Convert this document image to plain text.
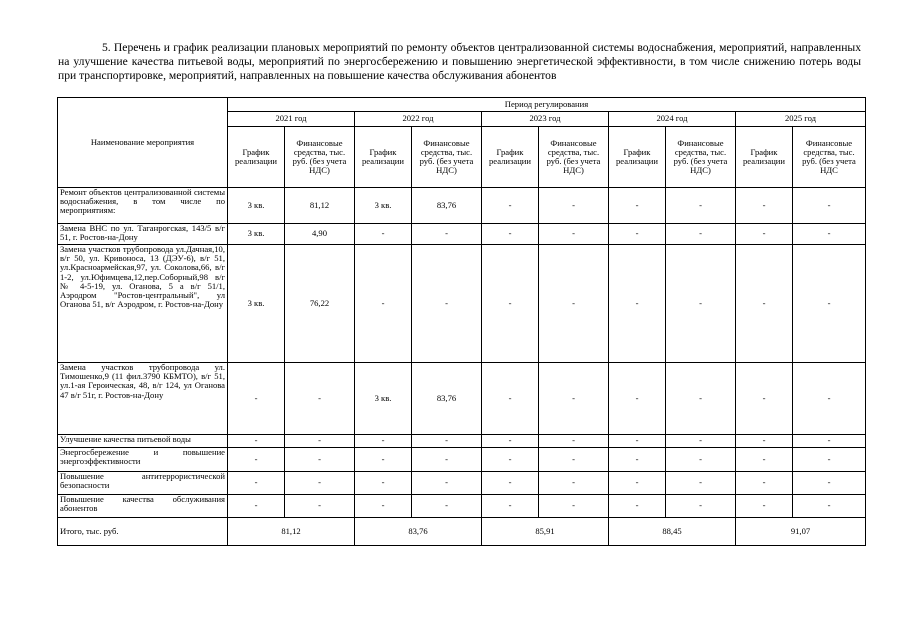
5. Перечень и график реализации плановых мероприятий по ремонту объектов централизованной системы водоснабжения, мероприятий, направленных на улучшение качества питьевой воды, мероприятий по энергосбережению и повышению энергетической эффективности, в том числе снижению потерь воды при транспортировке, мероприятий, направленных на повышение качества обслуживания абонентов
Наименование мероприятия	Период регулирования									
	2021 год		2022 год		2023 год		2024 год		2025 год	
	График реализации	Финансовые средства, тыс. руб. (без учета НДС)	График реализации	Финансовые средства, тыс. руб. (без учета НДС)	График реализации	Финансовые средства, тыс. руб. (без учета НДС)	График реализации	Финансовые средства, тыс. руб. (без учета НДС)	График реализации	Финансовые средства, тыс. руб. (без учета НДС
Ремонт объектов централизованной системы водоснабжения, в том числе по мероприятиям:	3 кв.	81,12	3 кв.	83,76	-	-	-	-	-	-
Замена ВНС по ул. Таганрогская, 143/5 в/г 51, г. Ростов-на-Дону	3 кв.	4,90	-	-	-	-	-	-	-	-
Замена участков трубопровода ул.Дачная,10, в/г 50, ул. Кривоноса, 13 (ДЭУ-6), в/г 51, ул.Красноармейская,97, ул. Соколова,66, в/г 1-2, ул.Юфимцева,12,пер.Соборный,98 в/г № 4-5-19, ул. Оганова, 5 а в/г 51/1, Аэродром "Ростов-центральный", ул Оганова 51, в/г Аэродром, г. Ростов-на-Дону	3 кв.	76,22	-	-	-	-	-	-	-	-
Замена участков трубопровода ул. Тимошенко,9 (11 фил.3790 КБМТО), в/г 51, ул.1-ая Героическая, 48, в/г 124, ул Оганова 47 в/г 51г, г. Ростов-на-Дону	-	-	3 кв.	83,76	-	-	-	-	-	-
Улучшение качества питьевой воды	-	-	-	-	-	-	-	-	-	-
Энергосбережение и повышение энергоэффективности	-	-	-	-	-	-	-	-	-	-
Повышение антитеррористической безопасности	-	-	-	-	-	-	-	-	-	-
Повышение качества обслуживания абонентов	-	-	-	-	-	-	-	-	-	-
Итого, тыс. руб.	81,12		83,76		85,91		88,45		91,07	
